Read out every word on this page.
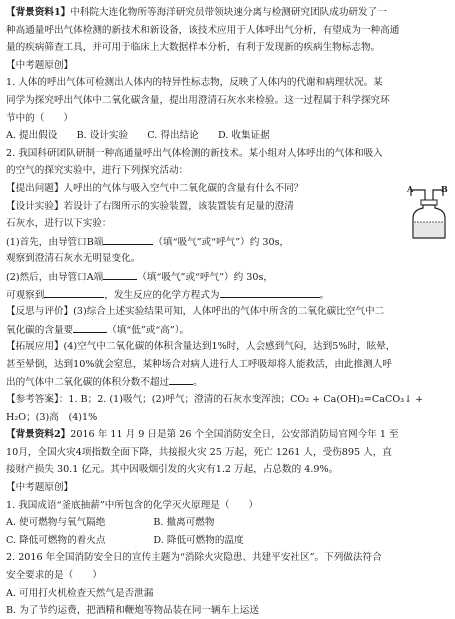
【背景资料1】中科院大连化物所等海洋研究员带领块速分离与检测研究团队成功研发了一
种高通量呼出气体检测的新技术和新设备，该技术应用于人体呼出气分析，有望成为一种高通
量的疾病筛查工具，并可用于临床上大数据样本分析，有利于发现新的疾病生物标志物。
【中考题原创】
1. 人体的呼出气体可检测出人体内的特异性标志物，反映了人体内的代谢和病理状况。某
同学为探究呼出气体中二氧化碳含量，提出用澄清石灰水来检验。这一过程属于科学探究环
节中的（　　）
A. 提出假设　　B. 设计实验　　C. 得出结论　　D. 收集证据
2. 我国科研团队研制一种高通量呼出气体检测的新技术。某小组对人体呼出的气体和吸入
的空气的探究实验中，进行下列探究活动：
【提出问题】人呼出的气体与吸入空气中二氧化碳的含量有什么不同？
【设计实验】若设计了右图所示的实验装置，该装置装有足量的澄清
石灰水，进行以下实验：
(1)首先，由导管口B端	（填“吸气”或“呼气”）约 30s，
观察到澄清石灰水无明显变化。
(2)然后，由导管口A端	（填“吸气”或“呼气”）约 30s，
可观察到	，发生反应的化学方程式为	。
【反思与评价】(3)综合上述实验结果可知，人体呼出的气体中所含的二氧化碳比空气中二
氧化碳的含量要	（填“低”或“高”）。
【拓展应用】(4)空气中二氧化碳的体积含量达到1%时，人会感到气闷，达到5%时，眩晕，
甚至晕倒，达到10%就会窒息，某种场合对病人进行人工呼吸却将人能救活，由此推测人呼
出的气体中二氧化碳的体积分数不超过	。
【参考答案】：1. B；2. (1)吸气；(2)呼气；澄清的石灰水变浑浊；CO₂ + Ca(OH)₂=CaCO₃↓ +
H₂O；(3)高　(4)1%
【背景资料2】2016 年 11 月 9 日是第 26 个全国消防安全日，公安部消防局官网今年 1 至
10月，全国火灾4项指数全面下降，共接报火灾 25 万起，死亡 1261 人，受伤895 人，直
接财产损失 30.1 亿元。其中因吸烟引发的火灾有1.2 万起，占总数的 4.9%。
【中考题原创】
1. 我国成语“釜底抽薪”中所包含的化学灭火原理是（　　）
A. 使可燃物与氧气隔绝　　　　　B. 撤离可燃物
C. 降低可燃物的着火点　　　　　D. 降低可燃物的温度
2. 2016 年全国消防安全日的宣传主题为“消除火灾隐患、共建平安社区”。下列做法符合
安全要求的是（　　）
A. 可用打火机检查天然气是否泄漏
B. 为了节约运费，把酒精和鞭炮等物品装在同一辆车上运送
A	B
